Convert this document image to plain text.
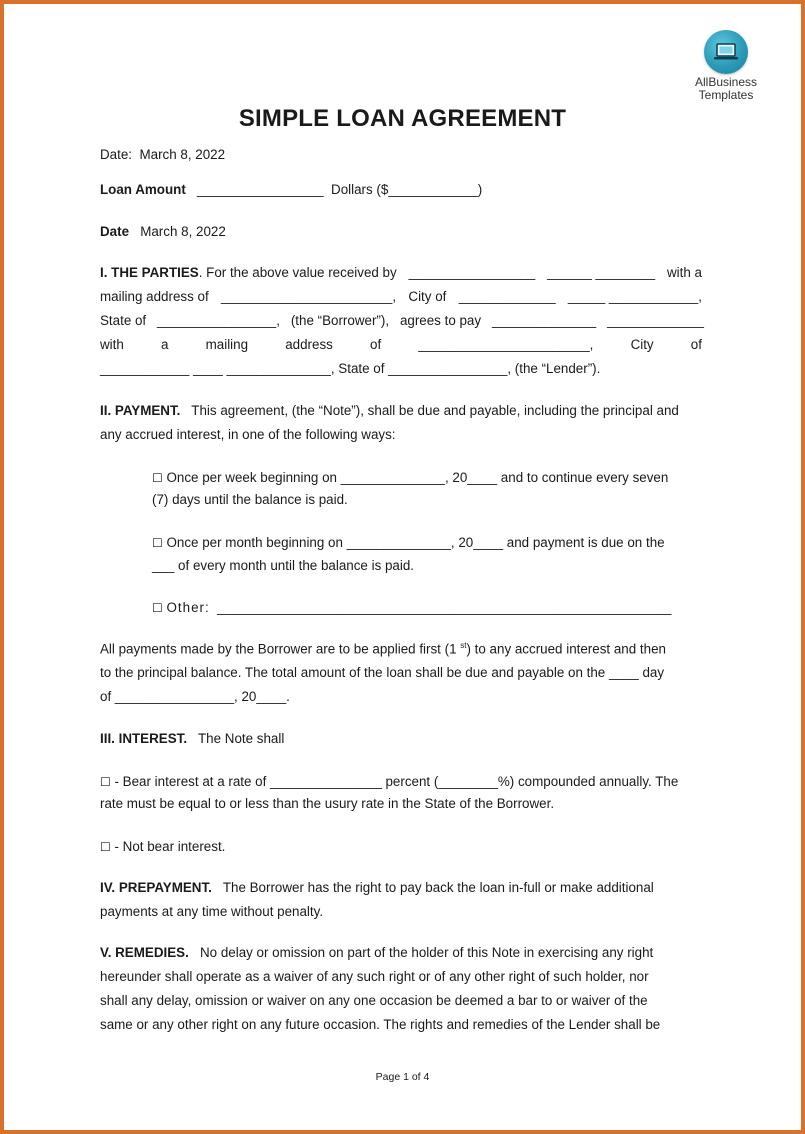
AllBusiness
Templates
SIMPLE LOAN AGREEMENT
Date: March 8, 2022
Loan Amount _________________ Dollars ($____________)
Date March 8, 2022
I. THE PARTIES. For the above value received by _________________ ______ ________ with a
mailing address of _______________________, City of _____________ _____ ____________,
State of ________________, (the “Borrower”), agrees to pay ______________ _____________
with	a	mailing	address	of	_______________________,	City	of
____________ ____ ______________, State of ________________, (the “Lender”).
II. PAYMENT. This agreement, (the “Note”), shall be due and payable, including the principal and
any accrued interest, in one of the following ways:
☐ Once per week beginning on ______________, 20____ and to continue every seven
(7) days until the balance is paid.
☐ Once per month beginning on ______________, 20____ and payment is due on the
___ of every month until the balance is paid.
☐ Other: _____________________________________________________________
All payments made by the Borrower are to be applied first (1 $^{st}$) to any accrued interest and then
to the principal balance. The total amount of the loan shall be due and payable on the ____ day
of ________________, 20____.
III. INTEREST. The Note shall
☐ - Bear interest at a rate of _______________ percent (________%) compounded annually. The
rate must be equal to or less than the usury rate in the State of the Borrower.
☐ - Not bear interest.
IV. PREPAYMENT. The Borrower has the right to pay back the loan in-full or make additional
payments at any time without penalty.
V. REMEDIES. No delay or omission on part of the holder of this Note in exercising any right
hereunder shall operate as a waiver of any such right or of any other right of such holder, nor
shall any delay, omission or waiver on any one occasion be deemed a bar to or waiver of the
same or any other right on any future occasion. The rights and remedies of the Lender shall be
Page 1 of 4
